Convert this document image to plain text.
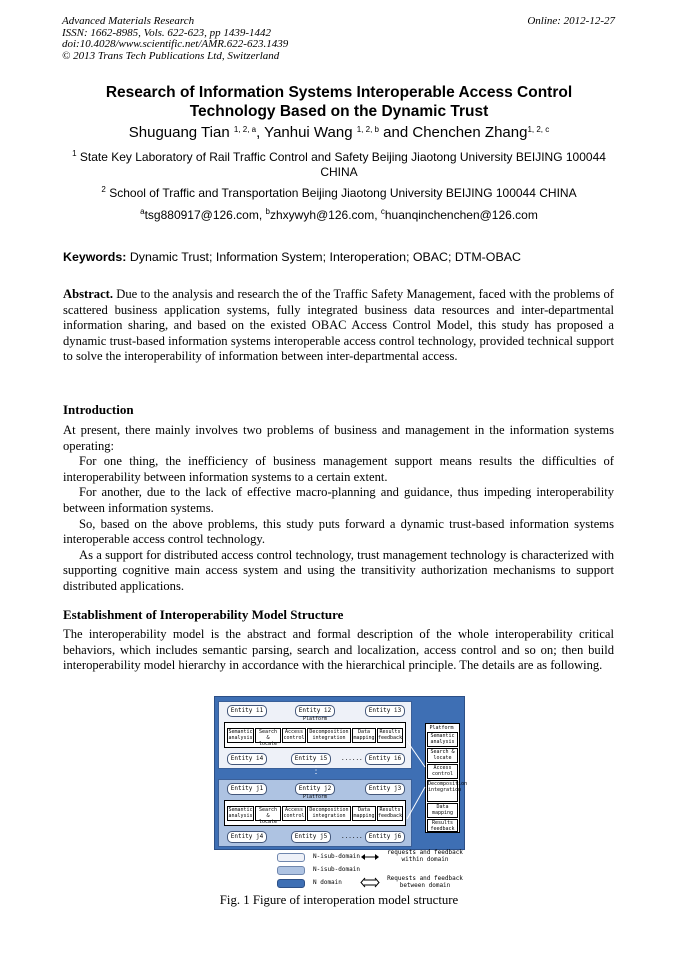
Advanced Materials Research
ISSN: 1662-8985, Vols. 622-623, pp 1439-1442
doi:10.4028/www.scientific.net/AMR.622-623.1439
© 2013 Trans Tech Publications Ltd, Switzerland
Online: 2012-12-27
Research of Information Systems Interoperable Access Control
Technology Based on the Dynamic Trust
Shuguang Tian $^{1, 2, a}$, Yanhui Wang $^{1, 2, b}$ and Chenchen Zhang$^{1, 2, c}$
$^1$ State Key Laboratory of Rail Traffic Control and Safety Beijing Jiaotong University BEIJING 100044
CHINA
$^2$ School of Traffic and Transportation Beijing Jiaotong University BEIJING 100044 CHINA
$^a$tsg880917@126.com, $^b$zhxywyh@126.com, $^c$huanqinchenchen@126.com
Keywords: Dynamic Trust; Information System; Interoperation; OBAC; DTM-OBAC
Abstract. Due to the analysis and research the of the Traffic Safety Management, faced with the problems of scattered business application systems, fully integrated business data resources and inter-departmental information sharing, and based on the existed OBAC Access Control Model, this study has proposed a dynamic trust-based information systems interoperable access control technology, provided technical support to solve the interoperability of information between inter-departmental access.
Introduction
At present, there mainly involves two problems of business and management in the information systems operating:
For one thing, the inefficiency of business management support means results the difficulties of interoperability between information systems to a certain extent.
For another, due to the lack of effective macro-planning and guidance, thus impeding interoperability between information systems.
So, based on the above problems, this study puts forward a dynamic trust-based information systems interoperable access control technology.
As a support for distributed access control technology, trust management technology is characterized with supporting cognitive main access system and using the transitivity authorization mechanisms to support distributed applications.
Establishment of Interoperability Model Structure
The interoperability model is the abstract and formal description of the whole interoperability critical behaviors, which includes semantic parsing, search and localization, access control and so on; then build interoperability model hierarchy in accordance with the hierarchical principle. The details are as following.
Entity i1	Entity i2	Entity i3
Platform
Semantic analysis
Search & locate
Access control
Decomposition integration
Data mapping
Results feedback
Entity i4	Entity i5	......	Entity i6
⋮
Entity j1	Entity j2	Entity j3
Platform
Semantic analysis
Search & locate
Access control
Decomposition integration
Data mapping
Results feedback
Entity j4	Entity j5	......	Entity j6
Platform
Semantic analysis
Search & locate
Access control
Decomposition integration
Data mapping
Results feedback
N-isub-domain
N-isub-domain
N domain
requests and feedback within domain
Requests and feedback between domain
Fig. 1 Figure of interoperation model structure
